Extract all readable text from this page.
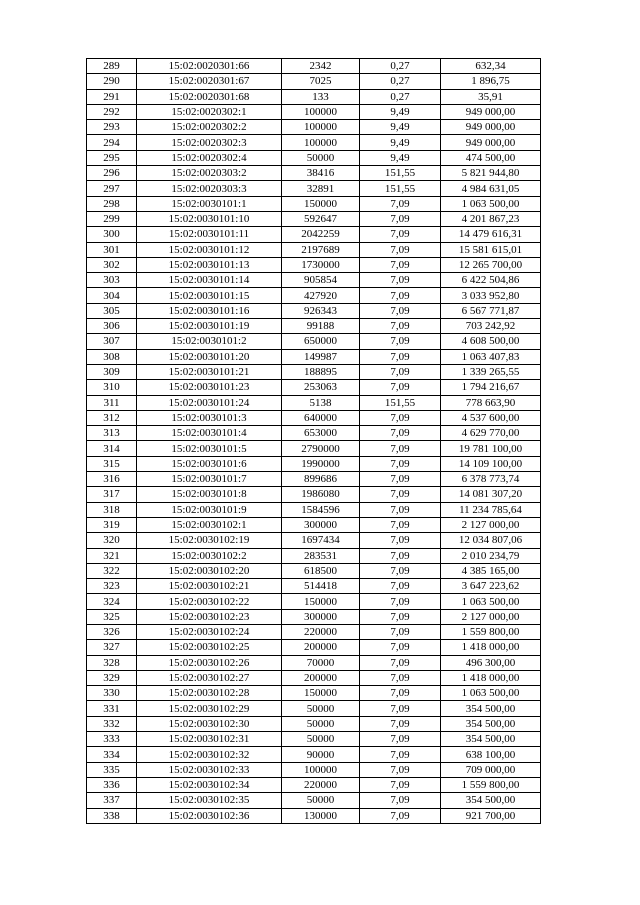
289	15:02:0020301:66	2342	0,27	632,34
290	15:02:0020301:67	7025	0,27	1 896,75
291	15:02:0020301:68	133	0,27	35,91
292	15:02:0020302:1	100000	9,49	949 000,00
293	15:02:0020302:2	100000	9,49	949 000,00
294	15:02:0020302:3	100000	9,49	949 000,00
295	15:02:0020302:4	50000	9,49	474 500,00
296	15:02:0020303:2	38416	151,55	5 821 944,80
297	15:02:0020303:3	32891	151,55	4 984 631,05
298	15:02:0030101:1	150000	7,09	1 063 500,00
299	15:02:0030101:10	592647	7,09	4 201 867,23
300	15:02:0030101:11	2042259	7,09	14 479 616,31
301	15:02:0030101:12	2197689	7,09	15 581 615,01
302	15:02:0030101:13	1730000	7,09	12 265 700,00
303	15:02:0030101:14	905854	7,09	6 422 504,86
304	15:02:0030101:15	427920	7,09	3 033 952,80
305	15:02:0030101:16	926343	7,09	6 567 771,87
306	15:02:0030101:19	99188	7,09	703 242,92
307	15:02:0030101:2	650000	7,09	4 608 500,00
308	15:02:0030101:20	149987	7,09	1 063 407,83
309	15:02:0030101:21	188895	7,09	1 339 265,55
310	15:02:0030101:23	253063	7,09	1 794 216,67
311	15:02:0030101:24	5138	151,55	778 663,90
312	15:02:0030101:3	640000	7,09	4 537 600,00
313	15:02:0030101:4	653000	7,09	4 629 770,00
314	15:02:0030101:5	2790000	7,09	19 781 100,00
315	15:02:0030101:6	1990000	7,09	14 109 100,00
316	15:02:0030101:7	899686	7,09	6 378 773,74
317	15:02:0030101:8	1986080	7,09	14 081 307,20
318	15:02:0030101:9	1584596	7,09	11 234 785,64
319	15:02:0030102:1	300000	7,09	2 127 000,00
320	15:02:0030102:19	1697434	7,09	12 034 807,06
321	15:02:0030102:2	283531	7,09	2 010 234,79
322	15:02:0030102:20	618500	7,09	4 385 165,00
323	15:02:0030102:21	514418	7,09	3 647 223,62
324	15:02:0030102:22	150000	7,09	1 063 500,00
325	15:02:0030102:23	300000	7,09	2 127 000,00
326	15:02:0030102:24	220000	7,09	1 559 800,00
327	15:02:0030102:25	200000	7,09	1 418 000,00
328	15:02:0030102:26	70000	7,09	496 300,00
329	15:02:0030102:27	200000	7,09	1 418 000,00
330	15:02:0030102:28	150000	7,09	1 063 500,00
331	15:02:0030102:29	50000	7,09	354 500,00
332	15:02:0030102:30	50000	7,09	354 500,00
333	15:02:0030102:31	50000	7,09	354 500,00
334	15:02:0030102:32	90000	7,09	638 100,00
335	15:02:0030102:33	100000	7,09	709 000,00
336	15:02:0030102:34	220000	7,09	1 559 800,00
337	15:02:0030102:35	50000	7,09	354 500,00
338	15:02:0030102:36	130000	7,09	921 700,00
